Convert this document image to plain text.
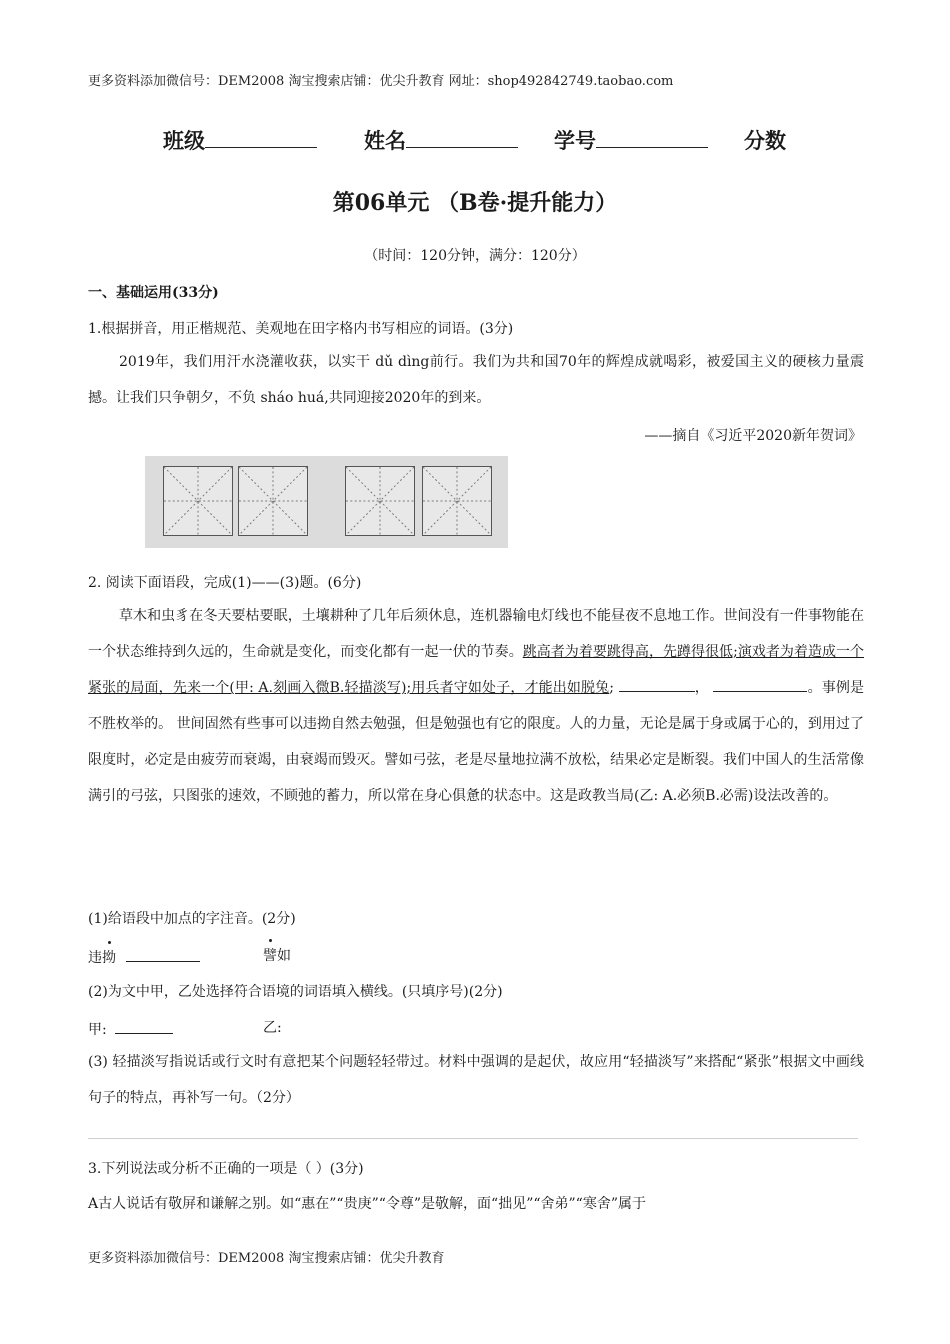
更多资料添加微信号：DEM2008 淘宝搜索店铺：优尖升教育 网址：shop492842749.taobao.com
班级	姓名	学号	分数
第06单元 （B卷·提升能力）
（时间：120分钟，满分：120分）
一、基础运用(33分)
1.根据拼音，用正楷规范、美观地在田字格内书写相应的词语。(3分)
2019年，我们用汗水浇灌收获，以实干 dǔ dìng前行。我们为共和国70年的辉煌成就喝彩，被爱国主义的硬核力量震撼。让我们只争朝夕，不负 sháo huá,共同迎接2020年的到来。
——摘自《习近平2020新年贺词》
2. 阅读下面语段，完成(1)——(3)题。(6分)
草木和虫豸在冬天要枯要眠，土壤耕种了几年后须休息，连机器输电灯线也不能昼夜不息地工作。世间没有一件事物能在一个状态维持到久远的，生命就是变化，而变化都有一起一伏的节奏。跳高者为着要跳得高，先蹲得很低;演戏者为着造成一个紧张的局面，先来一个(甲: A.刻画入微B.轻描淡写);用兵者守如处子，才能出如脱兔;	，	。事例是不胜枚举的。 世间固然有些事可以违拗自然去勉强，但是勉强也有它的限度。人的力量，无论是属于身或属于心的，到用过了限度时，必定是由疲劳而衰竭，由衰竭而毁灭。譬如弓弦，老是尽量地拉满不放松，结果必定是断裂。我们中国人的生活常像满引的弓弦，只图张的速效，不顾弛的蓄力，所以常在身心俱惫的状态中。这是政教当局(乙: A.必须B.必需)设法改善的。
(1)给语段中加点的字注音。(2分)
违拗	譬如
(2)为文中甲，乙处选择符合语境的词语填入横线。(只填序号)(2分)
甲:	乙:
(3) 轻描淡写指说话或行文时有意把某个问题轻轻带过。材料中强调的是起伏，故应用“轻描淡写”来搭配“紧张”根据文中画线句子的特点，再补写一句。（2分）
3.下列说法或分析不正确的一项是（ ）(3分)
A古人说话有敬屏和谦解之别。如“惠在”“贵庚”“令尊”是敬解，面“拙见”“舍弟”“寒舍”属于
更多资料添加微信号：DEM2008 淘宝搜索店铺：优尖升教育
